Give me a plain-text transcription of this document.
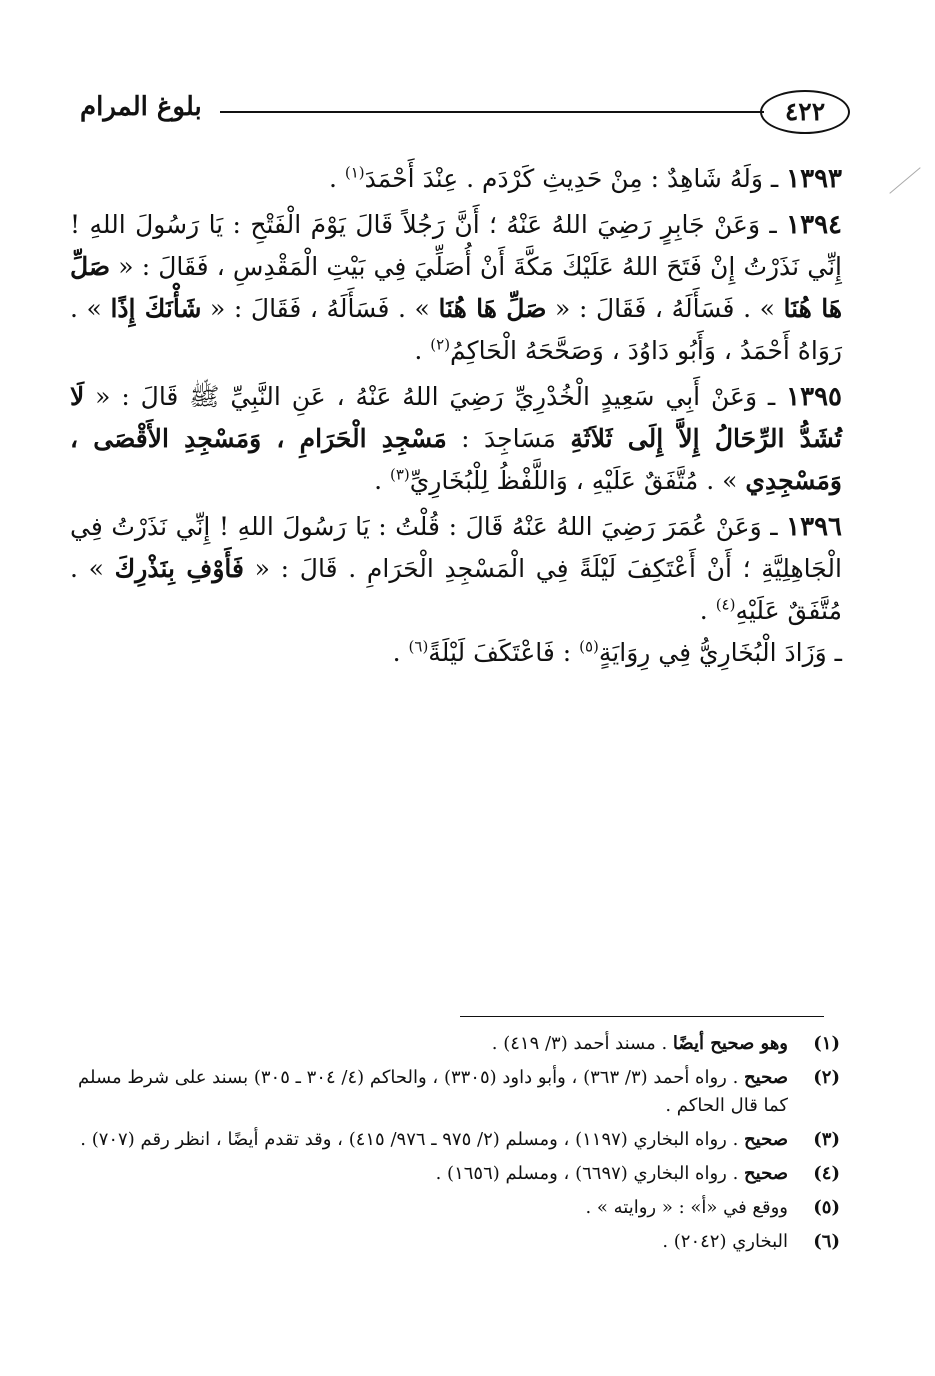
٤٢٢
بلوغ المرام

١٣٩٣ ـ وَلَهُ شَاهِدٌ : مِنْ حَدِيثِ كَرْدَم . عِنْدَ أَحْمَدَ$^{(١)}$ .

١٣٩٤ ـ وَعَنْ جَابِرٍ رَضِيَ اللهُ عَنْهُ ؛ أَنَّ رَجُلاً قَالَ يَوْمَ الْفَتْحِ : يَا رَسُولَ اللهِ ! إِنِّي نَذَرْتُ إِنْ فَتَحَ اللهُ عَلَيْكَ مَكَّةَ أَنْ أُصَلِّيَ فِي بَيْتِ الْمَقْدِسِ ، فَقَالَ : « صَلِّ هَا هُنَا » . فَسَأَلَهُ ، فَقَالَ : « صَلِّ هَا هُنَا » . فَسَأَلَهُ ، فَقَالَ : « شَأْنَكَ إِذًا » . رَوَاهُ أَحْمَدُ ، وَأَبُو دَاوُدَ ، وَصَحَّحَهُ الْحَاكِمُ$^{(٢)}$ .

١٣٩٥ ـ وَعَنْ أَبِي سَعِيدٍ الْخُدْرِيِّ رَضِيَ اللهُ عَنْهُ ، عَنِ النَّبِيِّ ﷺ قَالَ : « لَا تُشَدُّ الرِّحَالُ إِلاَّ إِلَى ثَلاَثَةِ مَسَاجِدَ : مَسْجِدِ الْحَرَامِ ، وَمَسْجِدِ الأَقْصَى ، وَمَسْجِدِي » . مُتَّفَقٌ عَلَيْهِ ، وَاللَّفْظُ لِلْبُخَارِيِّ$^{(٣)}$ .

١٣٩٦ ـ وَعَنْ عُمَرَ رَضِيَ اللهُ عَنْهُ قَالَ : قُلْتُ : يَا رَسُولَ اللهِ ! إِنِّي نَذَرْتُ فِي الْجَاهِلِيَّةِ ؛ أَنْ أَعْتَكِفَ لَيْلَةً فِي الْمَسْجِدِ الْحَرَامِ . قَالَ : « فَأَوْفِ بِنَذْرِكَ » . مُتَّفَقٌ عَلَيْهِ$^{(٤)}$ .
ـ وَزَادَ الْبُخَارِيُّ فِي رِوَايَةٍ$^{(٥)}$ : فَاعْتَكَفَ لَيْلَةً$^{(٦)}$ .

(١)
وهو صحيح أيضًا . مسند أحمد (٣/ ٤١٩) .
(٢)
صحيح . رواه أحمد (٣/ ٣٦٣) ، وأبو داود (٣٣٠٥) ، والحاكم (٤/ ٣٠٤ ـ ٣٠٥) بسند على شرط مسلم كما قال الحاكم .
(٣)
صحيح . رواه البخاري (١١٩٧) ، ومسلم (٢/ ٩٧٥ ـ ٩٧٦/ ٤١٥) ، وقد تقدم أيضًا ، انظر رقم (٧٠٧) .
(٤)
صحيح . رواه البخاري (٦٦٩٧) ، ومسلم (١٦٥٦) .
(٥)
ووقع في «أ» : « روايته » .
(٦)
البخاري (٢٠٤٢) .
